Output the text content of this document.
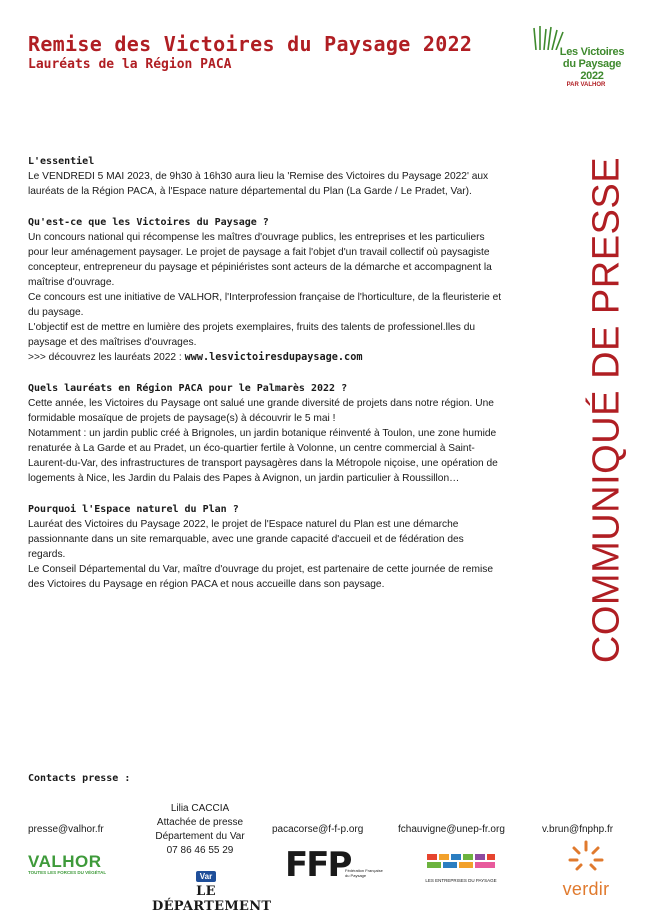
Remise des Victoires du Paysage 2022
Lauréats de la Région PACA
Les Victoires
du Paysage 2022
PAR VALHOR
COMMUNIQUÉ DE PRESSE
L'essentiel
Le VENDREDI 5 MAI 2023, de 9h30 à 16h30 aura lieu la 'Remise des Victoires du Paysage 2022' aux lauréats de la Région PACA, à l'Espace nature départemental du Plan (La Garde / Le Pradet, Var).
Qu'est-ce que les Victoires du Paysage ?
Un concours national qui récompense les maîtres d'ouvrage publics, les entreprises et les particuliers pour leur aménagement paysager. Le projet de paysage a fait l'objet d'un travail collectif où paysagiste concepteur, entrepreneur du paysage et pépiniéristes sont acteurs de la démarche et accompagnent la maîtrise d'ouvrage.
Ce concours est une initiative de VALHOR, l'Interprofession française de l'horticulture, de la fleuristerie et du paysage.
L'objectif est de mettre en lumière des projets exemplaires, fruits des talents de professionel.lles du paysage et des maîtrises d'ouvrages.
>>> découvrez les lauréats 2022 : www.lesvictoiresdupaysage.com
Quels lauréats en Région PACA pour le Palmarès 2022 ?
Cette année, les Victoires du Paysage ont salué une grande diversité de projets dans notre région. Une formidable mosaïque de projets de paysage(s) à découvrir le 5 mai !
Notamment : un jardin public créé à Brignoles, un jardin botanique réinventé à Toulon, une zone humide renaturée à La Garde et au Pradet, un éco-quartier fertile à Volonne, un centre commercial à Saint-Laurent-du-Var, des infrastructures de transport paysagères dans la Métropole niçoise, une opération de logements à Nice, les Jardin du Palais des Papes à Avignon, un jardin particulier à Roussillon…
Pourquoi l'Espace naturel du Plan ?
Lauréat des Victoires du Paysage 2022, le projet de l'Espace naturel du Plan est une démarche passionnante dans un site remarquable, avec une grande capacité d'accueil et de fédération des regards.
Le Conseil Départemental du Var, maître d'ouvrage du projet, est partenaire de cette journée de remise des Victoires du Paysage en région PACA et nous accueille dans son paysage.
Contacts presse :
presse@valhor.fr
Lilia CACCIA
Attachée de presse
Département du Var
07 86 46 55 29
pacacorse@f-f-p.org	fchauvigne@unep-fr.org	v.brun@fnphp.fr
VALHOR
TOUTES LES FORCES DU VÉGÉTAL	Var
LE DÉPARTEMENT
FFP
Fédération Française du Paysage
LES ENTREPRISES DU PAYSAGE	verdir
